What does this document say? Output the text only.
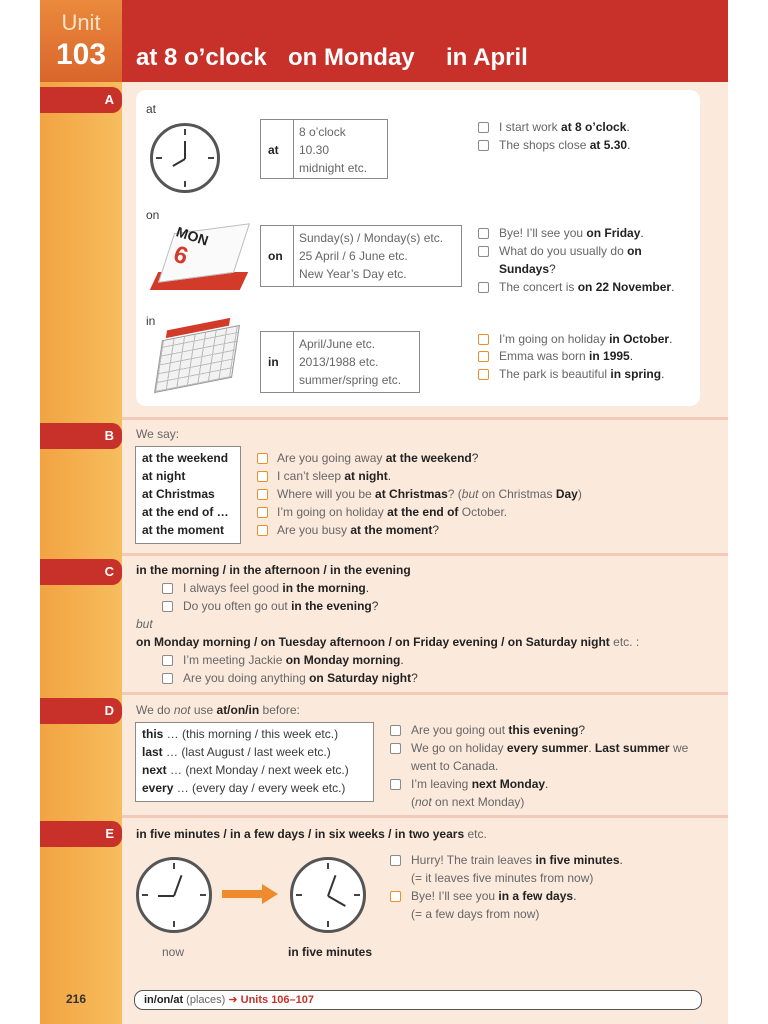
Unit
103	at 8 o’clock on Monday in April
A
B
C
D
E
at
at
8 o’clock
10.30
midnight etc.
I start work at 8 o’clock.
The shops close at 5.30.
on
MON
6	on
Sunday(s) / Monday(s) etc.
25 April / 6 June etc.
New Year’s Day etc.
Bye! I’ll see you on Friday.
What do you usually do on
Sundays?
The concert is on 22 November.
in
in
April/June etc.
2013/1988 etc.
summer/spring etc.
I’m going on holiday in October.
Emma was born in 1995.
The park is beautiful in spring.
We say:
at the weekend
at night
at Christmas
at the end of …
at the moment
Are you going away at the weekend?
I can’t sleep at night.
Where will you be at Christmas? (but on Christmas Day)
I’m going on holiday at the end of October.
Are you busy at the moment?
in the morning / in the afternoon / in the evening
I always feel good in the morning.
Do you often go out in the evening?
but
on Monday morning / on Tuesday afternoon / on Friday evening / on Saturday night etc. :
I’m meeting Jackie on Monday morning.
Are you doing anything on Saturday night?
We do not use at/on/in before:
this … (this morning / this week etc.)
last … (last August / last week etc.)
next … (next Monday / next week etc.)
every … (every day / every week etc.)
Are you going out this evening?
We go on holiday every summer. Last summer we
went to Canada.
I’m leaving next Monday.
(not on next Monday)
in five minutes / in a few days / in six weeks / in two years etc.
now	in five minutes
Hurry! The train leaves in five minutes.
(= it leaves five minutes from now)
Bye! I’ll see you in a few days.
(= a few days from now)
216	in/on/at (places) ➜ Units 106–107
